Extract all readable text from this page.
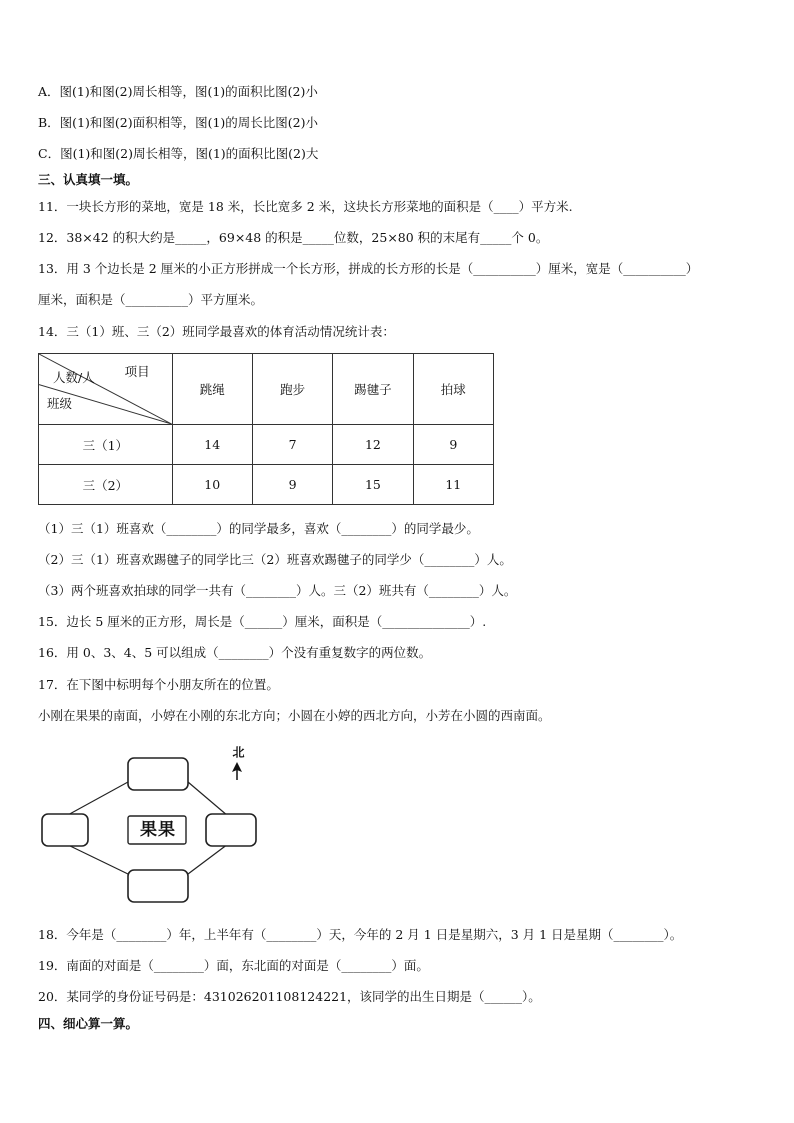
A．图(1)和图(2)周长相等，图(1)的面积比图(2)小
B．图(1)和图(2)面积相等，图(1)的周长比图(2)小
C．图(1)和图(2)周长相等，图(1)的面积比图(2)大
三、认真填一填。
11．一块长方形的菜地，宽是 18 米，长比宽多 2 米，这块长方形菜地的面积是（____）平方米.
12．38×42 的积大约是_____，69×48 的积是_____位数，25×80 积的末尾有_____个 0。
13．用 3 个边长是 2 厘米的小正方形拼成一个长方形，拼成的长方形的长是（__________）厘米，宽是（__________）
厘米，面积是（__________）平方厘米。
14．三（1）班、三（2）班同学最喜欢的体育活动情况统计表：
项目
人数/人
班级	跳绳	跑步	踢毽子	拍球
三（1）	14	7	12	9
三（2）	10	9	15	11
（1）三（1）班喜欢（________）的同学最多，喜欢（________）的同学最少。
（2）三（1）班喜欢踢毽子的同学比三（2）班喜欢踢毽子的同学少（________）人。
（3）两个班喜欢拍球的同学一共有（________）人。三（2）班共有（________）人。
15．边长 5 厘米的正方形，周长是（______）厘米，面积是（______________）.
16．用 0、3、4、5 可以组成（________）个没有重复数字的两位数。
17．在下图中标明每个小朋友所在的位置。
小刚在果果的南面，小婷在小刚的东北方向；小圆在小婷的西北方向，小芳在小圆的西南面。
果果
北
18．今年是（________）年，上半年有（________）天，今年的 2 月 1 日是星期六，3 月 1 日是星期（________）。
19．南面的对面是（________）面，东北面的对面是（________）面。
20．某同学的身份证号码是：431026201108124221，该同学的出生日期是（______）。
四、细心算一算。
